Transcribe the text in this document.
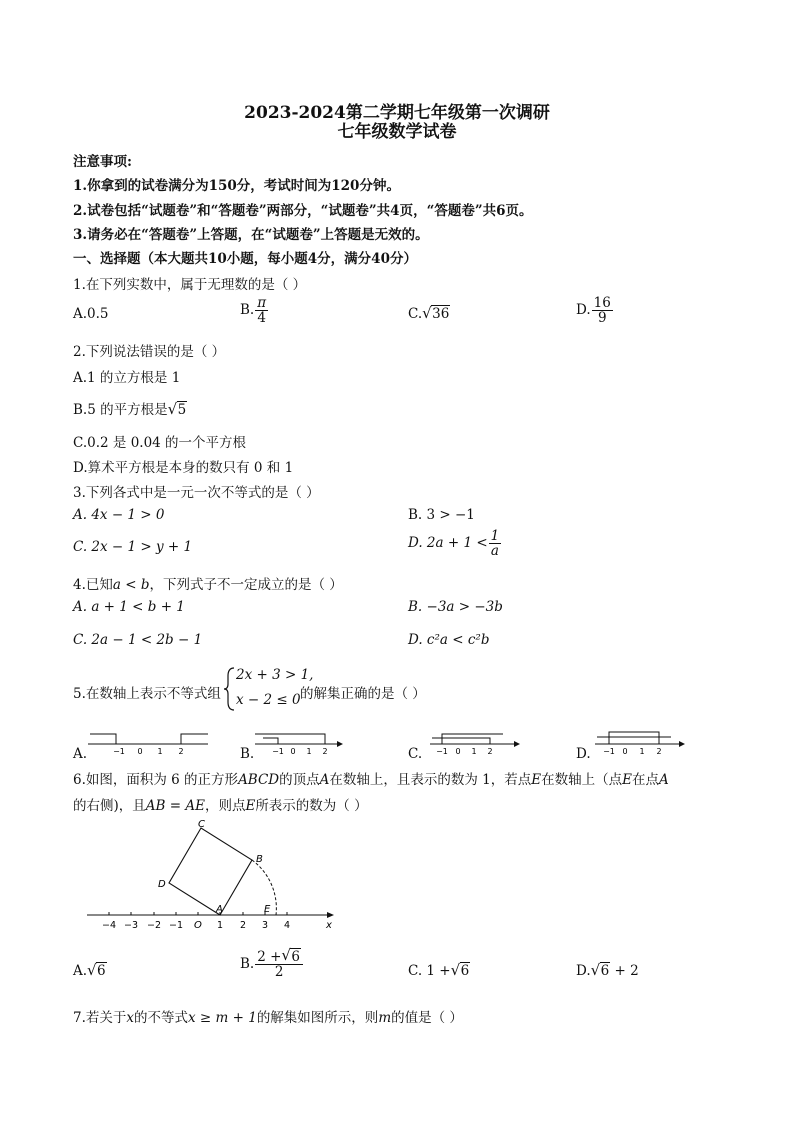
2023-2024第二学期七年级第一次调研
七年级数学试卷
注意事项:
1.你拿到的试卷满分为150分，考试时间为120分钟。
2.试卷包括“试题卷”和“答题卷”两部分，“试题卷”共4页，“答题卷”共6页。
3.请务必在“答题卷”上答题，在“试题卷”上答题是无效的。
一、选择题（本大题共10小题，每小题4分，满分40分）
1.在下列实数中，属于无理数的是（ ）
A.0.5	B. $\frac{\pi}{4}$	C. √ 36	D. $\frac{16}{9}$
2.下列说法错误的是（ ）
A.1 的立方根是 1
B.5 的平方根是 √ 5
C.0.2 是 0.04 的一个平方根
D.算术平方根是本身的数只有 0 和 1
3.下列各式中是一元一次不等式的是（ ）
A. 4x − 1 > 0	B. 3 > −1
C. 2x − 1 > y + 1	D. $2a + 1 < \frac{1}{a}$
4.已知a < b，下列式子不一定成立的是（ ）
A. a + 1 < b + 1	B. −3a > −3b
C. 2a − 1 < 2b − 1	D. c²a < c²b
5.在数轴上表示不等式组
2x + 3 > 1,
x − 2 ≤ 0 的解集正确的是（ ）
A.	B.	C.	D.
−1 0 1 2	−1 0 1 2	−1 0 1 2	−1 0 1 2
6.如图，面积为 6 的正方形ABCD的顶点A在数轴上，且表示的数为 1，若点E在数轴上（点E在点A
的右侧)，且AB = AE，则点E所表示的数为（ ）
C
B
D
A	E
O	x
−4 −3 −2 −1	1 2 3 4
A. √ 6	B. $\frac{2 + √ 6}{2}$	C. 1 + √ 6	D. √ 6 + 2
7.若关于x的不等式x ≥ m + 1的解集如图所示，则m的值是（ ）
